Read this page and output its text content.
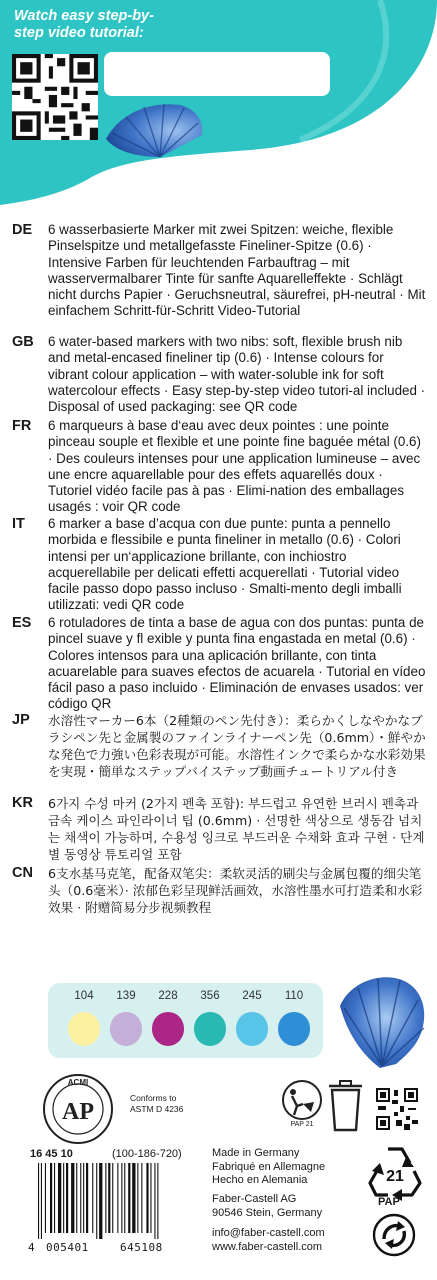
Watch easy step-by-step video tutorial:
DE	6 wasserbasierte Marker mit zwei Spitzen: weiche, flexible Pinselspitze und metallgefasste Fineliner-Spitze (0.6) · Intensive Farben für leuchtenden Farbauftrag – mit wasservermalbarer Tinte für sanfte Aquarelleffekte · Schlägt nicht durchs Papier · Geruchsneutral, säurefrei, pH-neutral · Mit einfachem Schritt-für-Schritt Video-Tutorial
GB	6 water-based markers with two nibs: soft, flexible brush nib and metal-encased fineliner tip (0.6) · Intense colours for vibrant colour application – with water-soluble ink for soft watercolour effects · Easy step-by-step video tutori-al included · Disposal of used packaging: see QR code
FR	6 marqueurs à base d‘eau avec deux pointes : une pointe pinceau souple et flexible et une pointe fine baguée métal (0.6) · Des couleurs intenses pour une application lumineuse – avec une encre aquarellable pour des effets aquarellés doux · Tutoriel vidéo facile pas à pas · Elimi-nation des emballages usagés : voir QR code
IT	6 marker a base d’acqua con due punte: punta a pennello morbida e flessibile e punta fineliner in metallo (0.6) · Colori intensi per un‘applicazione brillante, con inchiostro acquerellabile per delicati effetti acquerellati · Tutorial video facile passo dopo passo incluso · Smalti-mento degli imballi utilizzati: vedi QR code
ES	6 rotuladores de tinta a base de agua con dos puntas: punta de pincel suave y fl exible y punta fina engastada en metal (0.6) · Colores intensos para una aplicación brillante, con tinta acuarelable para suaves efectos de acuarela · Tutorial en vídeo fácil paso a paso incluido · Eliminación de envases usados: ver código QR
JP	水溶性マーカー6本（2種類のペン先付き）：柔らかくしなやかなブラシペン先と金属製のファインライナーペン先（0.6mm）・鮮やかな発色で力強い色彩表現が可能。水溶性インクで柔らかな水彩効果を実現・簡単なステップバイステップ動画チュートリアル付き
KR	6가지 수성 마커 (2가지 펜촉 포함): 부드럽고 유연한 브러시 펜촉과 금속 케이스 파인라이너 팁 (0.6mm) · 선명한 색상으로 생동감 넘치는 채색이 가능하며, 수용성 잉크로 부드러운 수채화 효과 구현 · 단계별 동영상 튜토리얼 포함
CN	6支水基马克笔，配备双笔尖：柔软灵活的刷尖与金属包覆的细尖笔头（0.6毫米）· 浓郁色彩呈现鲜活画效，水溶性墨水可打造柔和水彩效果 · 附赠简易分步视频教程
104	139	228	356	245	110
ACMI
AP
Conforms to
ASTM D 4236
PAP 21
16 45 10	(100-186-720)	Made in Germany
Fabriqué en Allemagne
Hecho en Alemania
Faber-Castell AG
90546 Stein, Germany
info@faber-castell.com
www.faber-castell.com
4 005401	645108
21
PAP
